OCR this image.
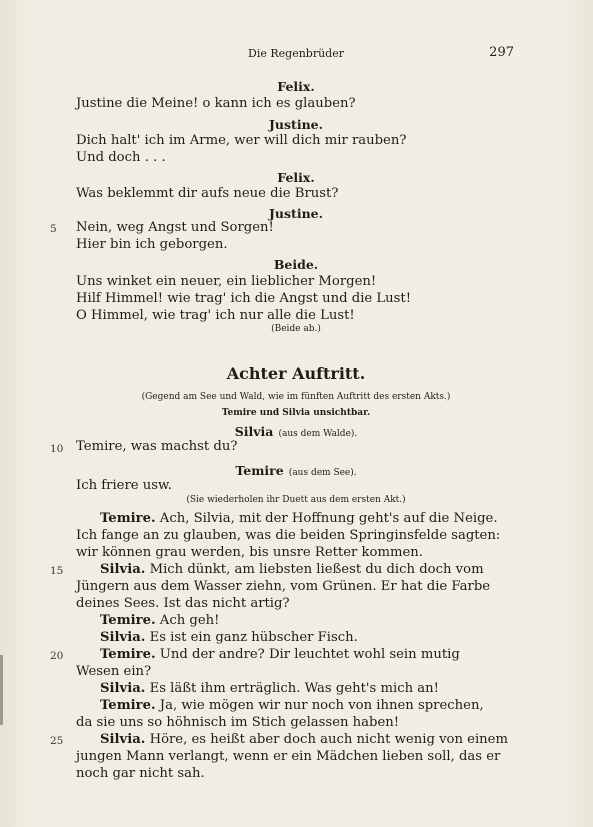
Die Regenbrüder	297
Felix.
Justine die Meine! o kann ich es glauben?
Justine.
Dich halt' ich im Arme, wer will dich mir rauben?
Und doch . . .
Felix.
Was beklemmt dir aufs neue die Brust?
Justine.
5 Nein, weg Angst und Sorgen!
Hier bin ich geborgen.
Beide.
Uns winket ein neuer, ein lieblicher Morgen!
Hilf Himmel! wie trag' ich die Angst und die Lust!
O Himmel, wie trag' ich nur alle die Lust!
(Beide ab.)
Achter Auftritt.
(Gegend am See und Wald, wie im fünften Auftritt des ersten Akts.)
Temire und Silvia unsichtbar.
Silvia (aus dem Walde).
10 Temire, was machst du?
Temire (aus dem See).
Ich friere usw.
(Sie wiederholen ihr Duett aus dem ersten Akt.)
Temire. Ach, Silvia, mit der Hoffnung geht's auf die Neige.
Ich fange an zu glauben, was die beiden Springinsfelde sagten:
wir können grau werden, bis unsre Retter kommen.
15	Silvia. Mich dünkt, am liebsten ließest du dich doch vom
Jüngern aus dem Wasser ziehn, vom Grünen. Er hat die Farbe
deines Sees. Ist das nicht artig?
Temire. Ach geh!
Silvia. Es ist ein ganz hübscher Fisch.
20	Temire. Und der andre? Dir leuchtet wohl sein mutig
Wesen ein?
Silvia. Es läßt ihm erträglich. Was geht's mich an!
Temire. Ja, wie mögen wir nur noch von ihnen sprechen,
da sie uns so höhnisch im Stich gelassen haben!
25	Silvia. Höre, es heißt aber doch auch nicht wenig von einem
jungen Mann verlangt, wenn er ein Mädchen lieben soll, das er
noch gar nicht sah.
